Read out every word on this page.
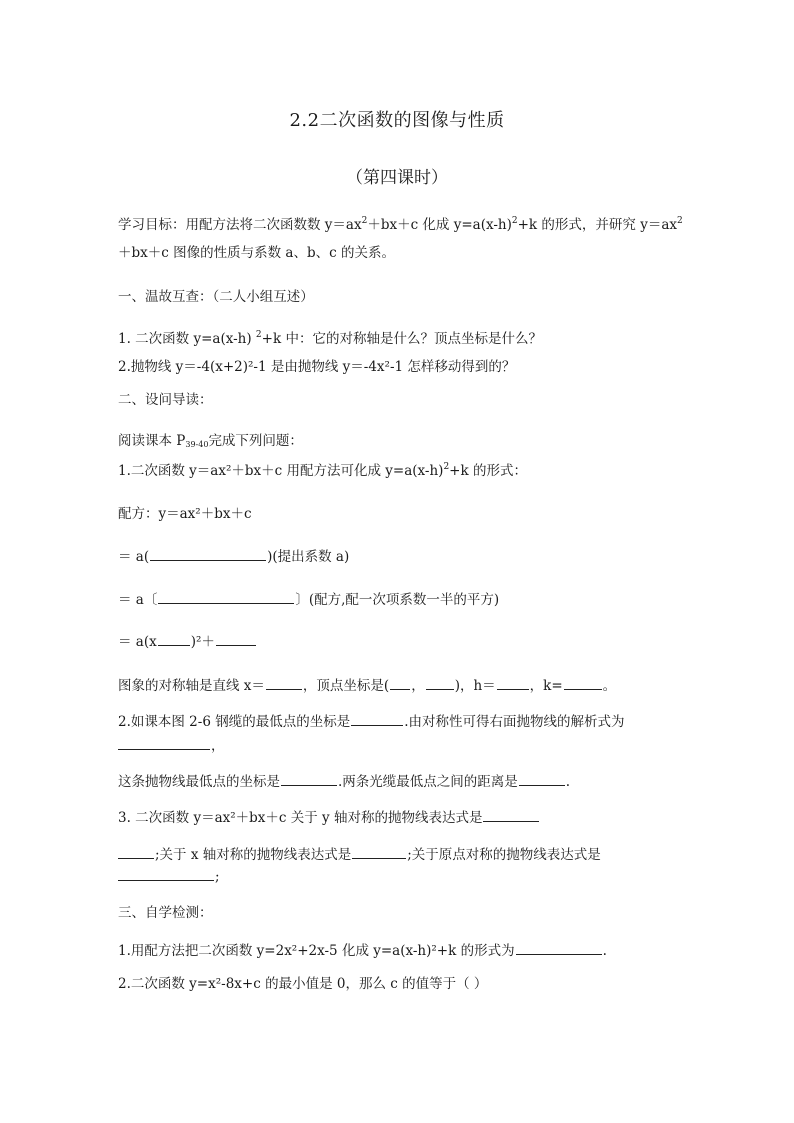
2.2二次函数的图像与性质
（第四课时）
学习目标：用配方法将二次函数数 $y=ax^2+bx+c$ 化成 $y=a(x-h)^2+k$ 的形式，并研究 $y=ax^2$
＋bx＋c 图像的性质与系数 a、b、c 的关系。
一、温故互查：（二人小组互述）
1. 二次函数 y=a(x-h) $^2$+k 中：它的对称轴是什么？顶点坐标是什么？
2.抛物线 y＝-4(x+2)²-1 是由抛物线 y＝-4x²-1 怎样移动得到的？
二、设问导读：
阅读课本 $P_{39-40}$完成下列问题：
1.二次函数 y＝ax²＋bx＋c 用配方法可化成 $y=a(x-h)^2+k$ 的形式：
配方：y＝ax²＋bx＋c
＝ a(	)(提出系数 a)
＝ a〔	〕(配方,配一次项系数一半的平方)
＝ a(x	)²＋
图象的对称轴是直线 x＝	，顶点坐标是( ， )，h＝	，k=	。
2.如课本图 2-6 钢缆的最低点的坐标是	.由对称性可得右面抛物线的解析式为
，
这条抛物线最低点的坐标是	.两条光缆最低点之间的距离是	.
3. 二次函数 y＝ax²＋bx＋c 关于 y 轴对称的抛物线表达式是
;关于 x 轴对称的抛物线表达式是	;关于原点对称的抛物线表达式是
;
三、自学检测：
1.用配方法把二次函数 y=2x²+2x-5 化成 y=a(x-h)²+k 的形式为	.
2.二次函数 y=x²-8x+c 的最小值是 0，那么 c 的值等于（ ）
